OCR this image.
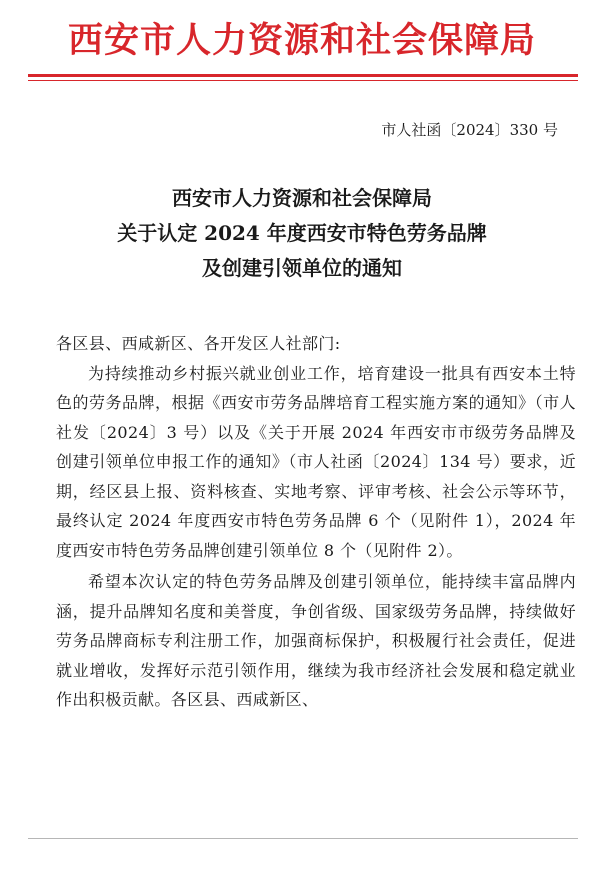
西安市人力资源和社会保障局
市人社函〔2024〕330 号
西安市人力资源和社会保障局
关于认定 2024 年度西安市特色劳务品牌
及创建引领单位的通知

各区县、西咸新区、各开发区人社部门:

为持续推动乡村振兴就业创业工作，培育建设一批具有西安本土特色的劳务品牌，根据《西安市劳务品牌培育工程实施方案的通知》（市人社发〔2024〕3 号）以及《关于开展 2024 年西安市市级劳务品牌及创建引领单位申报工作的通知》（市人社函〔2024〕134 号）要求，近期，经区县上报、资料核查、实地考察、评审考核、社会公示等环节，最终认定 2024 年度西安市特色劳务品牌 6 个（见附件 1），2024 年度西安市特色劳务品牌创建引领单位 8 个（见附件 2）。

希望本次认定的特色劳务品牌及创建引领单位，能持续丰富品牌内涵，提升品牌知名度和美誉度，争创省级、国家级劳务品牌，持续做好劳务品牌商标专利注册工作，加强商标保护，积极履行社会责任，促进就业增收，发挥好示范引领作用，继续为我市经济社会发展和稳定就业作出积极贡献。各区县、西咸新区、
